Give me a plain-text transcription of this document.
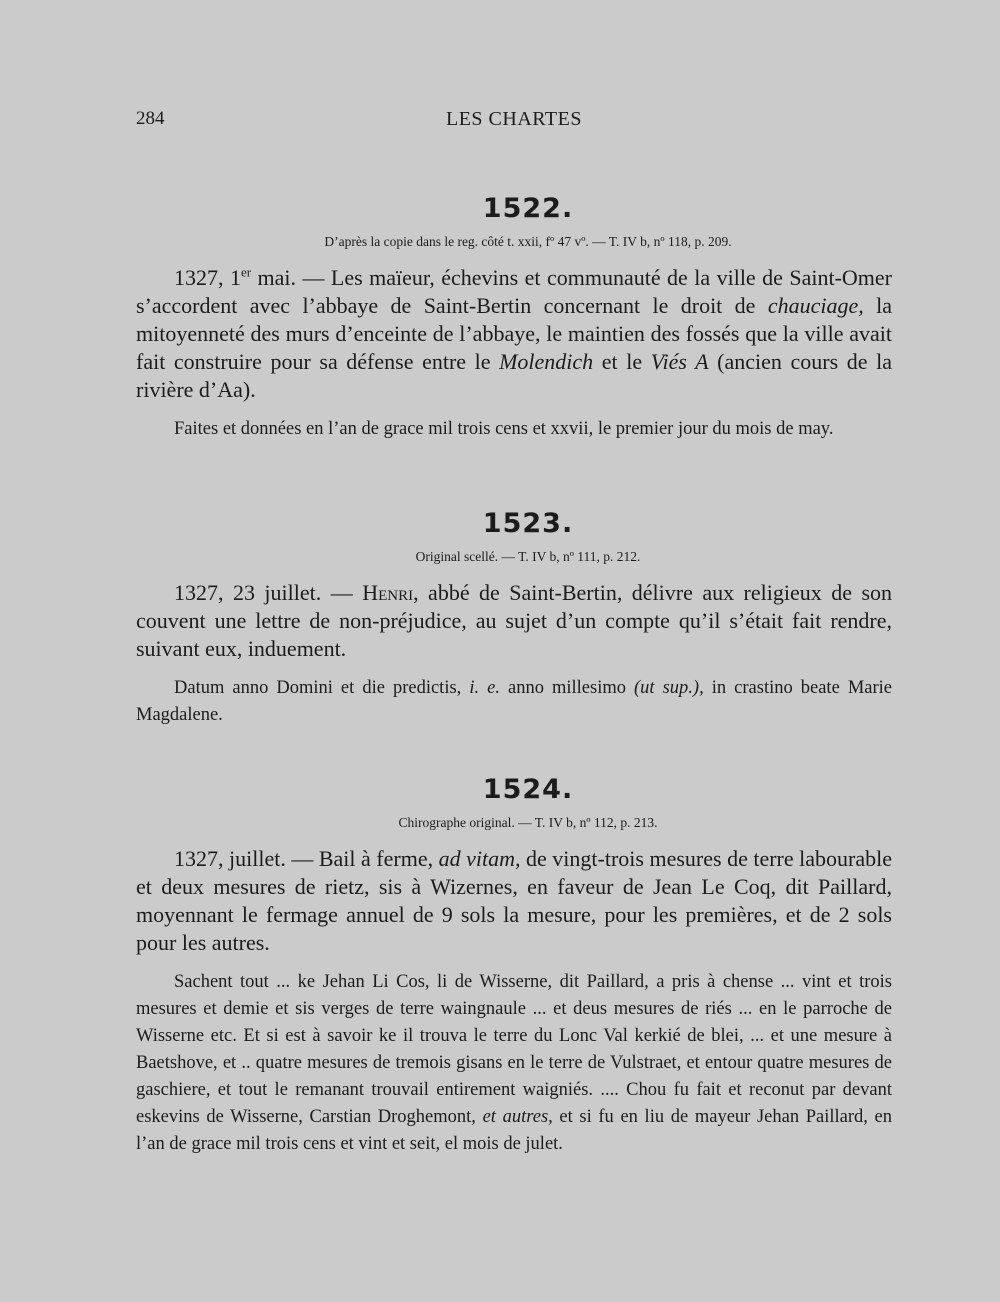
284	LES CHARTES
1522.
D’après la copie dans le reg. côté t. xxii, fº 47 vº. — T. IV b, nº 118, p. 209.

1327, 1er mai. — Les maïeur, échevins et communauté de la ville de Saint-Omer s’accordent avec l’abbaye de Saint-Bertin concernant le droit de chauciage, la mitoyenneté des murs d’enceinte de l’abbaye, le maintien des fossés que la ville avait fait construire pour sa défense entre le Molendich et le Viés A (ancien cours de la rivière d’Aa).

Faites et données en l’an de grace mil trois cens et xxvii, le premier jour du mois de may.

1523.
Original scellé. — T. IV b, nº 111, p. 212.

1327, 23 juillet. — Henri, abbé de Saint-Bertin, délivre aux religieux de son couvent une lettre de non-préjudice, au sujet d’un compte qu’il s’était fait rendre, suivant eux, induement.

Datum anno Domini et die predictis, i. e. anno millesimo (ut sup.), in crastino beate Marie Magdalene.

1524.
Chirographe original. — T. IV b, nº 112, p. 213.

1327, juillet. — Bail à ferme, ad vitam, de vingt-trois mesures de terre labourable et deux mesures de rietz, sis à Wizernes, en faveur de Jean Le Coq, dit Paillard, moyennant le fermage annuel de 9 sols la mesure, pour les premières, et de 2 sols pour les autres.

Sachent tout ... ke Jehan Li Cos, li de Wisserne, dit Paillard, a pris à chense ... vint et trois mesures et demie et sis verges de terre waingnaule ... et deus mesures de riés ... en le parroche de Wisserne etc. Et si est à savoir ke il trouva le terre du Lonc Val kerkié de blei, ... et une mesure à Baetshove, et .. quatre mesures de tremois gisans en le terre de Vulstraet, et entour quatre mesures de gaschiere, et tout le remanant trouvail entirement waigniés. .... Chou fu fait et reconut par devant eskevins de Wisserne, Carstian Droghemont, et autres, et si fu en liu de mayeur Jehan Paillard, en l’an de grace mil trois cens et vint et seit, el mois de julet.
